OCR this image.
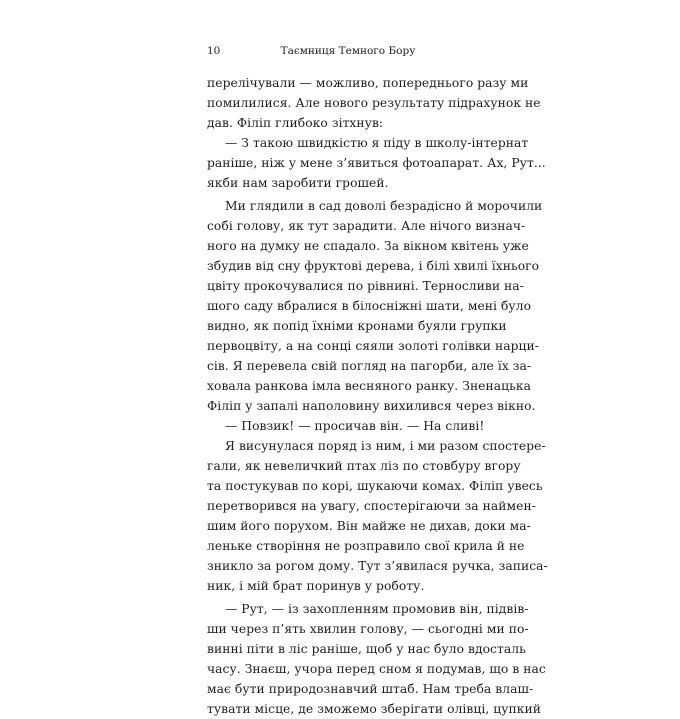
10	Таємниця Темного Бору
перелічували — можливо, попереднього разу ми
помилилися. Але нового результату підрахунок не
дав. Філіп глибоко зітхнув:
— З такою швидкістю я піду в школу-інтернат
раніше, ніж у мене з’явиться фотоапарат. Ах, Рут...
якби нам заробити грошей.
Ми глядили в сад доволі безрадісно й морочили
собі голову, як тут зарадити. Але нічого визнач-
ного на думку не спадало. За вікном квітень уже
збудив від сну фруктові дерева, і білі хвилі їхнього
цвіту прокочувалися по рівнині. Терносливи на-
шого саду вбралися в білосніжні шати, мені було
видно, як попід їхніми кронами буяли групки
первоцвіту, а на сонці сяяли золоті голівки нарци-
сів. Я перевела свій погляд на пагорби, але їх за-
ховала ранкова імла весняного ранку. Зненацька
Філіп у запалі наполовину вихилився через вікно.
— Повзик! — просичав він. — На сливі!
Я висунулася поряд із ним, і ми разом спостере-
гали, як невеличкий птах ліз по стовбуру вгору
та постукував по корі, шукаючи комах. Філіп увесь
перетворився на увагу, спостерігаючи за наймен-
шим його порухом. Він майже не дихав, доки ма-
леньке створіння не розправило свої крила й не
зникло за рогом дому. Тут з’явилася ручка, записа-
ник, і мій брат поринув у роботу.
— Рут, — із захопленням промовив він, підвів-
ши через п’ять хвилин голову, — сьогодні ми по-
винні піти в ліс раніше, щоб у нас було вдосталь
часу. Знаєш, учора перед сном я подумав, що в нас
має бути природознавчий штаб. Нам треба влаш-
тувати місце, де зможемо зберігати олівці, цупкий
